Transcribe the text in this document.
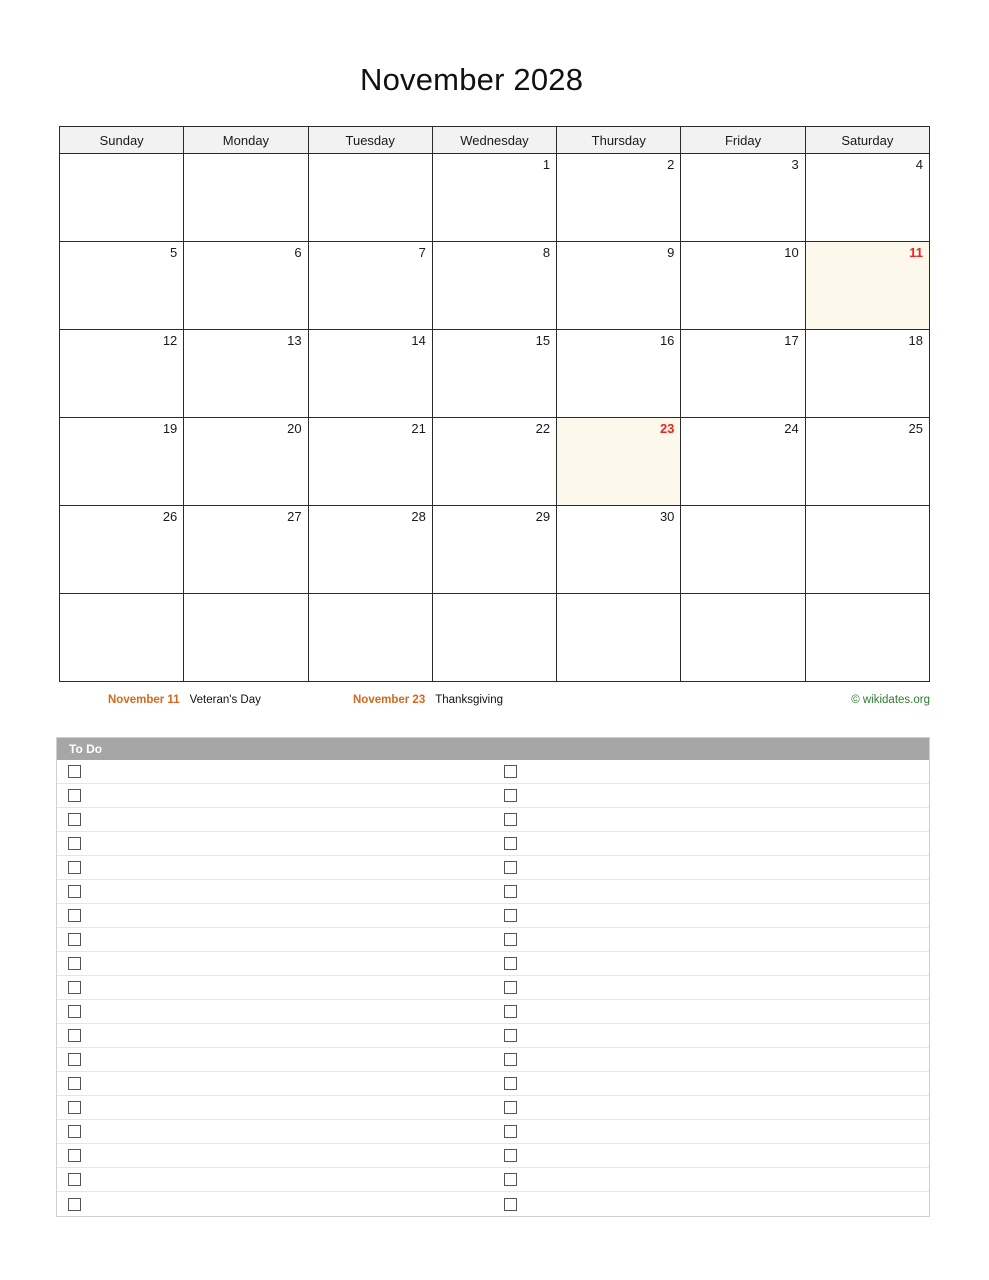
November 2028
Sunday	Monday	Tuesday	Wednesday	Thursday	Friday	Saturday

			1	2	3	4

5	6	7	8	9	10	11

12	13	14	15	16	17	18

19	20	21	22	23	24	25

26	27	28	29	30		

November 11 Veteran's Day	November 23 Thanksgiving	© wikidates.org
To Do
